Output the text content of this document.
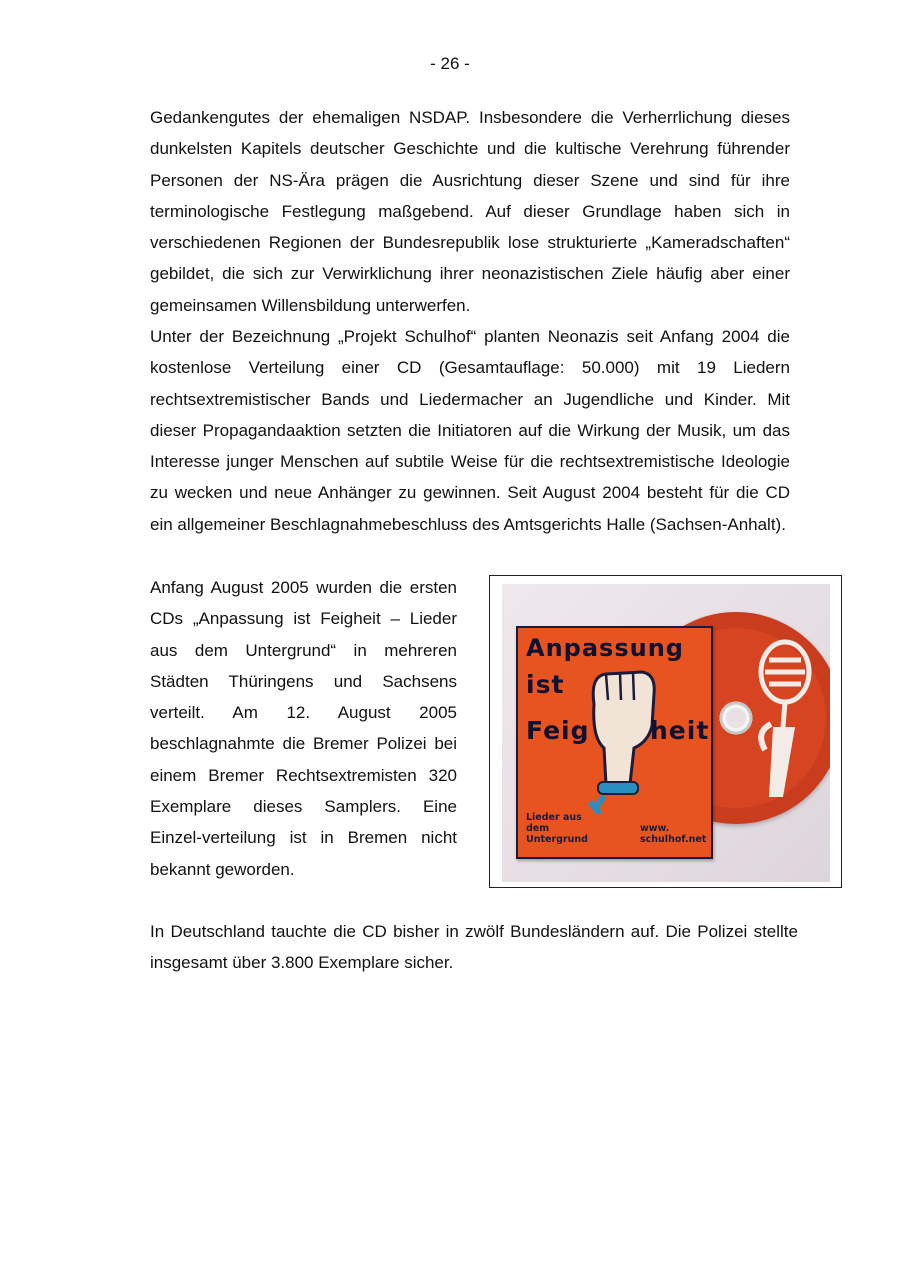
- 26 -

Gedankengutes der ehemaligen NSDAP. Insbesondere die Verherrlichung dieses dunkelsten Kapitels deutscher Geschichte und die kultische Verehrung führender Personen der NS-Ära prägen die Ausrichtung dieser Szene und sind für ihre terminologische Festlegung maßgebend. Auf dieser Grundlage haben sich in verschiedenen Regionen der Bundesrepublik lose strukturierte „Kameradschaften“ gebildet, die sich zur Verwirklichung ihrer neonazistischen Ziele häufig aber einer gemeinsamen Willensbildung unterwerfen.

Unter der Bezeichnung „Projekt Schulhof“ planten Neonazis seit Anfang 2004 die kostenlose Verteilung einer CD (Gesamtauflage: 50.000) mit 19 Liedern rechtsextremistischer Bands und Liedermacher an Jugendliche und Kinder. Mit dieser Propagandaaktion setzten die Initiatoren auf die Wirkung der Musik, um das Interesse junger Menschen auf subtile Weise für die rechtsextremistische Ideologie zu wecken und neue Anhänger zu gewinnen. Seit August 2004 besteht für die CD ein allgemeiner Beschlagnahmebeschluss des Amtsgerichts Halle (Sachsen-Anhalt).

Anfang August 2005 wurden die ersten CDs „Anpassung ist Feigheit – Lieder aus dem Untergrund“ in mehreren Städten Thüringens und Sachsens verteilt. Am 12. August 2005 beschlagnahmte die Bremer Polizei bei einem Bremer Rechtsextremisten 320 Exemplare dieses Samplers. Eine Einzel-verteilung ist in Bremen nicht bekannt geworden.

In Deutschland tauchte die CD bisher in zwölf Bundesländern auf. Die Polizei stellte insgesamt über 3.800 Exemplare sicher.

Anpassung
ist
Feig	heit
Lieder aus dem Untergrund
www. schulhof.net
